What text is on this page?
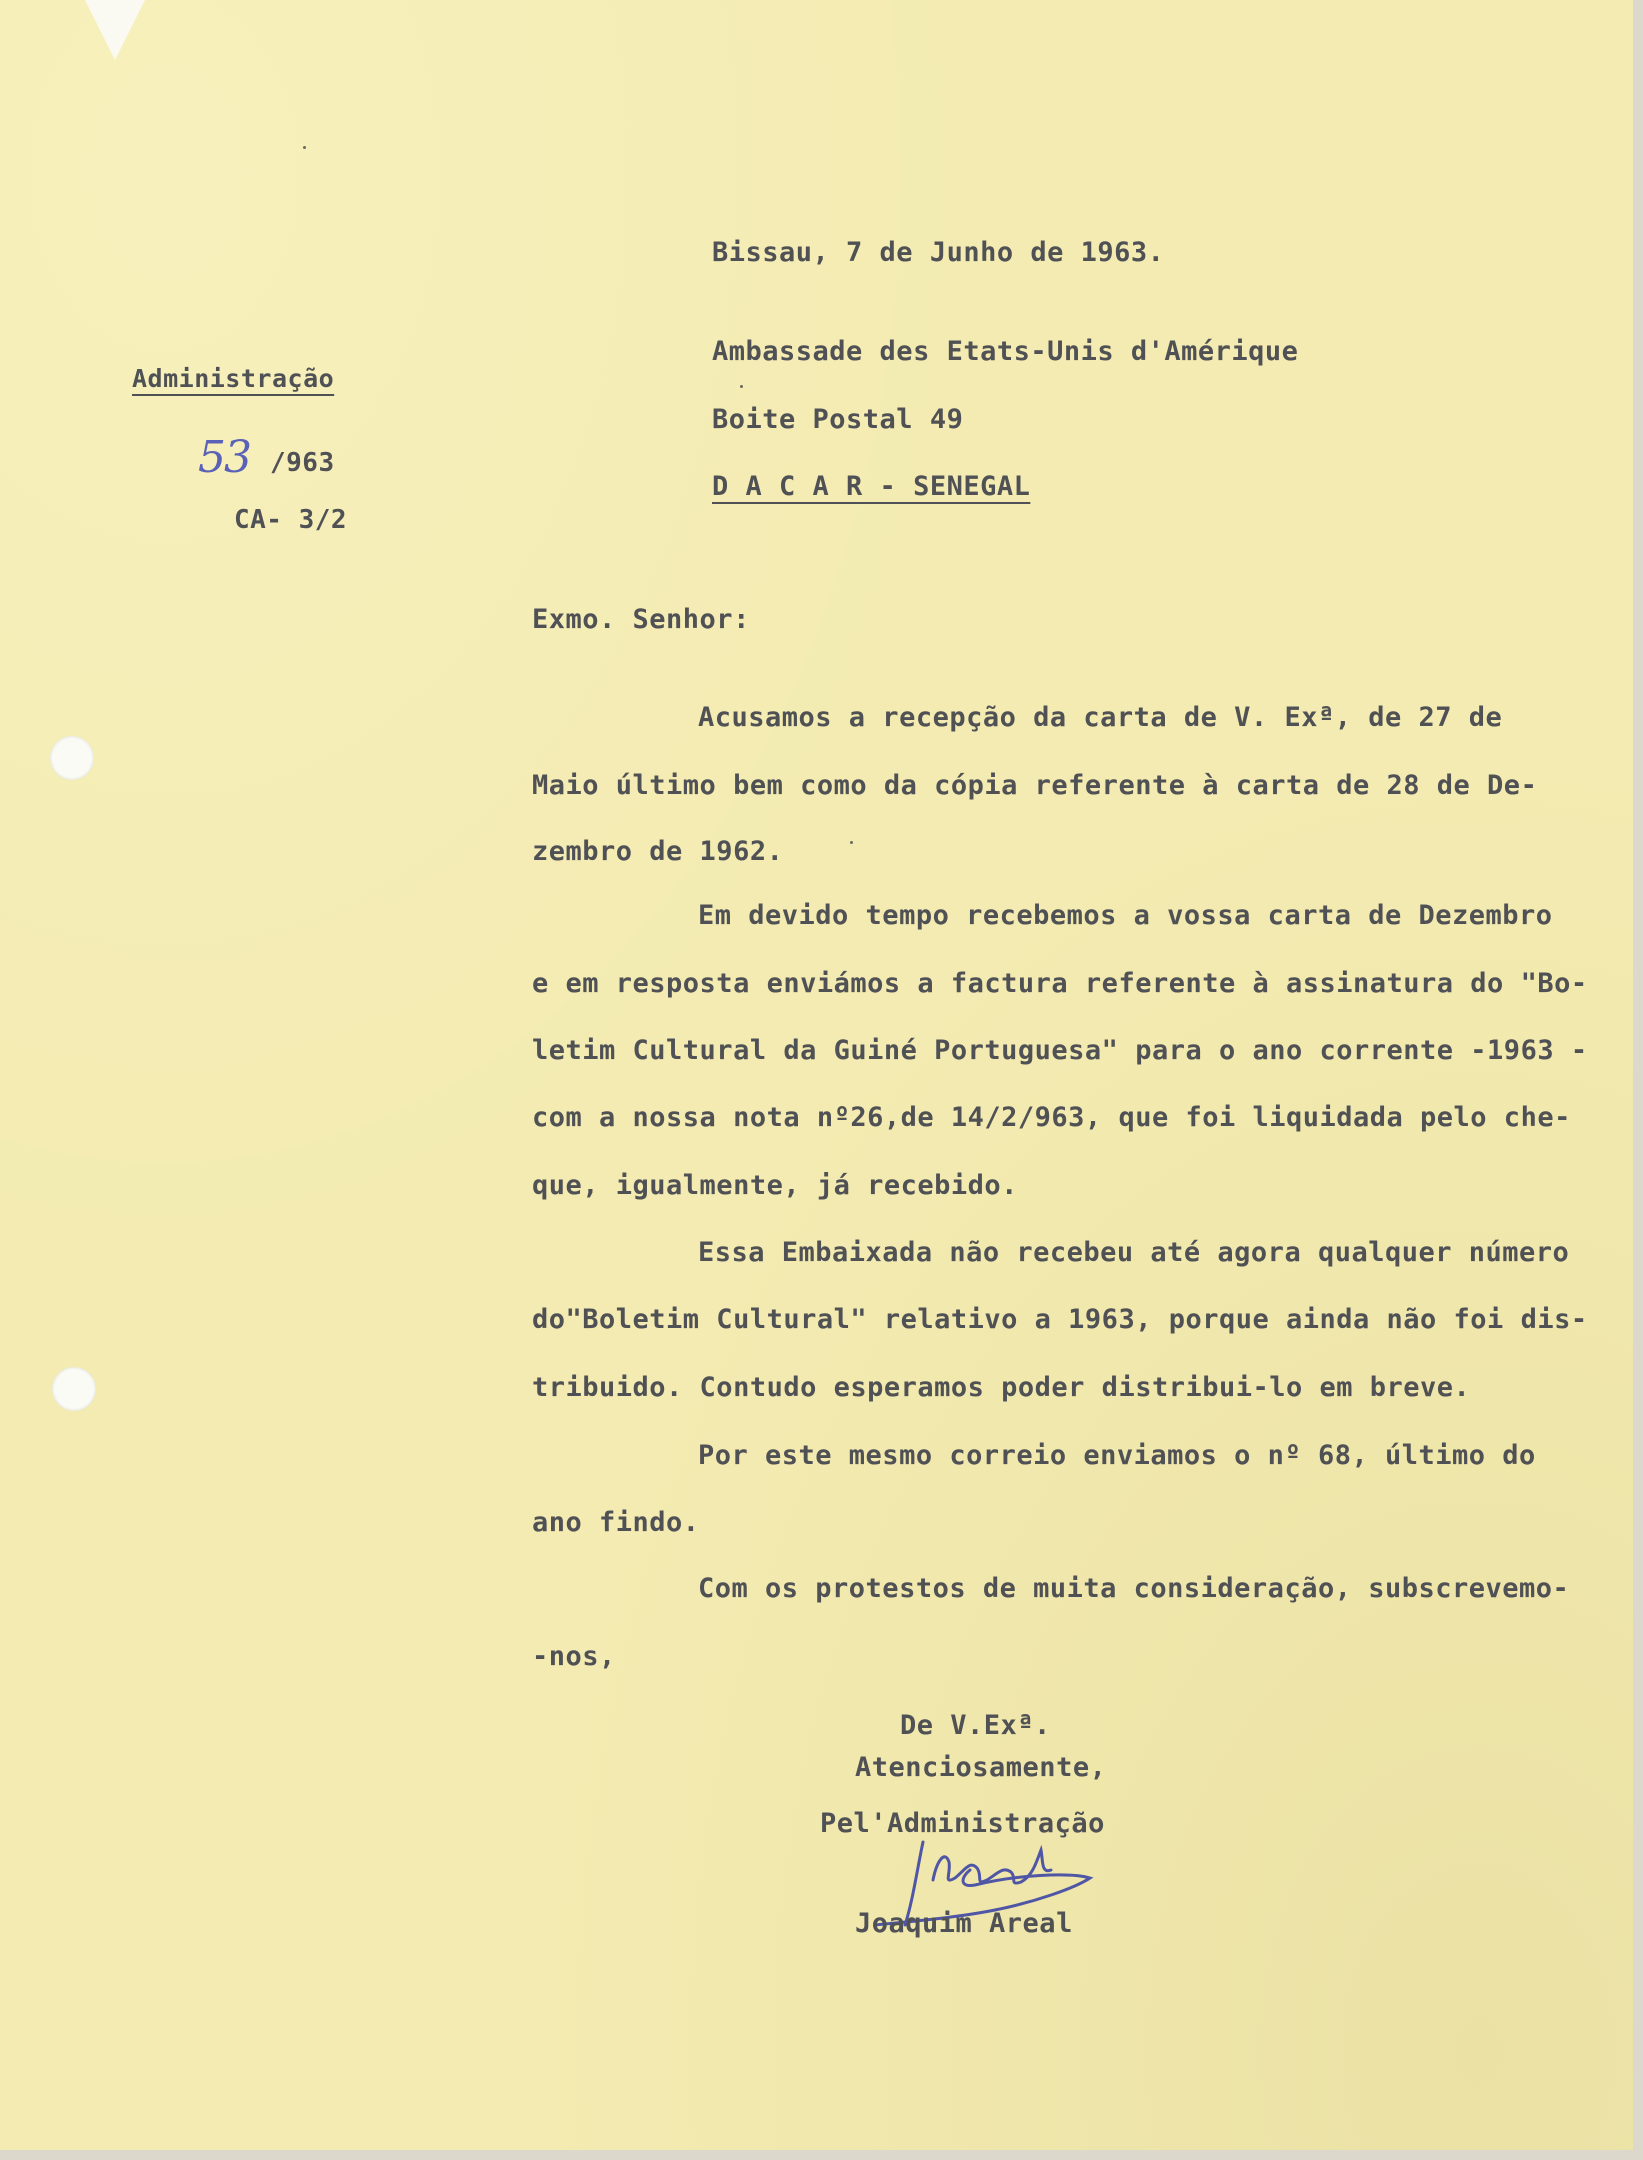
Bissau, 7 de Junho de 1963.
Ambassade des Etats-Unis d'Amérique
Boite Postal 49
D A C A R - SENEGAL
Administração
53 /963
CA- 3/2
Exmo. Senhor:
Acusamos a recepção da carta de V. Exª, de 27 de
Maio último bem como da cópia referente à carta de 28 de De-
zembro de 1962.
Em devido tempo recebemos a vossa carta de Dezembro
e em resposta enviámos a factura referente à assinatura do "Bo-
letim Cultural da Guiné Portuguesa" para o ano corrente -1963 -
com a nossa nota nº26,de 14/2/963, que foi liquidada pelo che-
que, igualmente, já recebido.
Essa Embaixada não recebeu até agora qualquer número
do"Boletim Cultural" relativo a 1963, porque ainda não foi dis-
tribuido. Contudo esperamos poder distribui-lo em breve.
Por este mesmo correio enviamos o nº 68, último do
ano findo.
Com os protestos de muita consideração, subscrevemo-
-nos,
De V.Exª.
Atenciosamente,
Pel'Administração
Joaquim Areal
